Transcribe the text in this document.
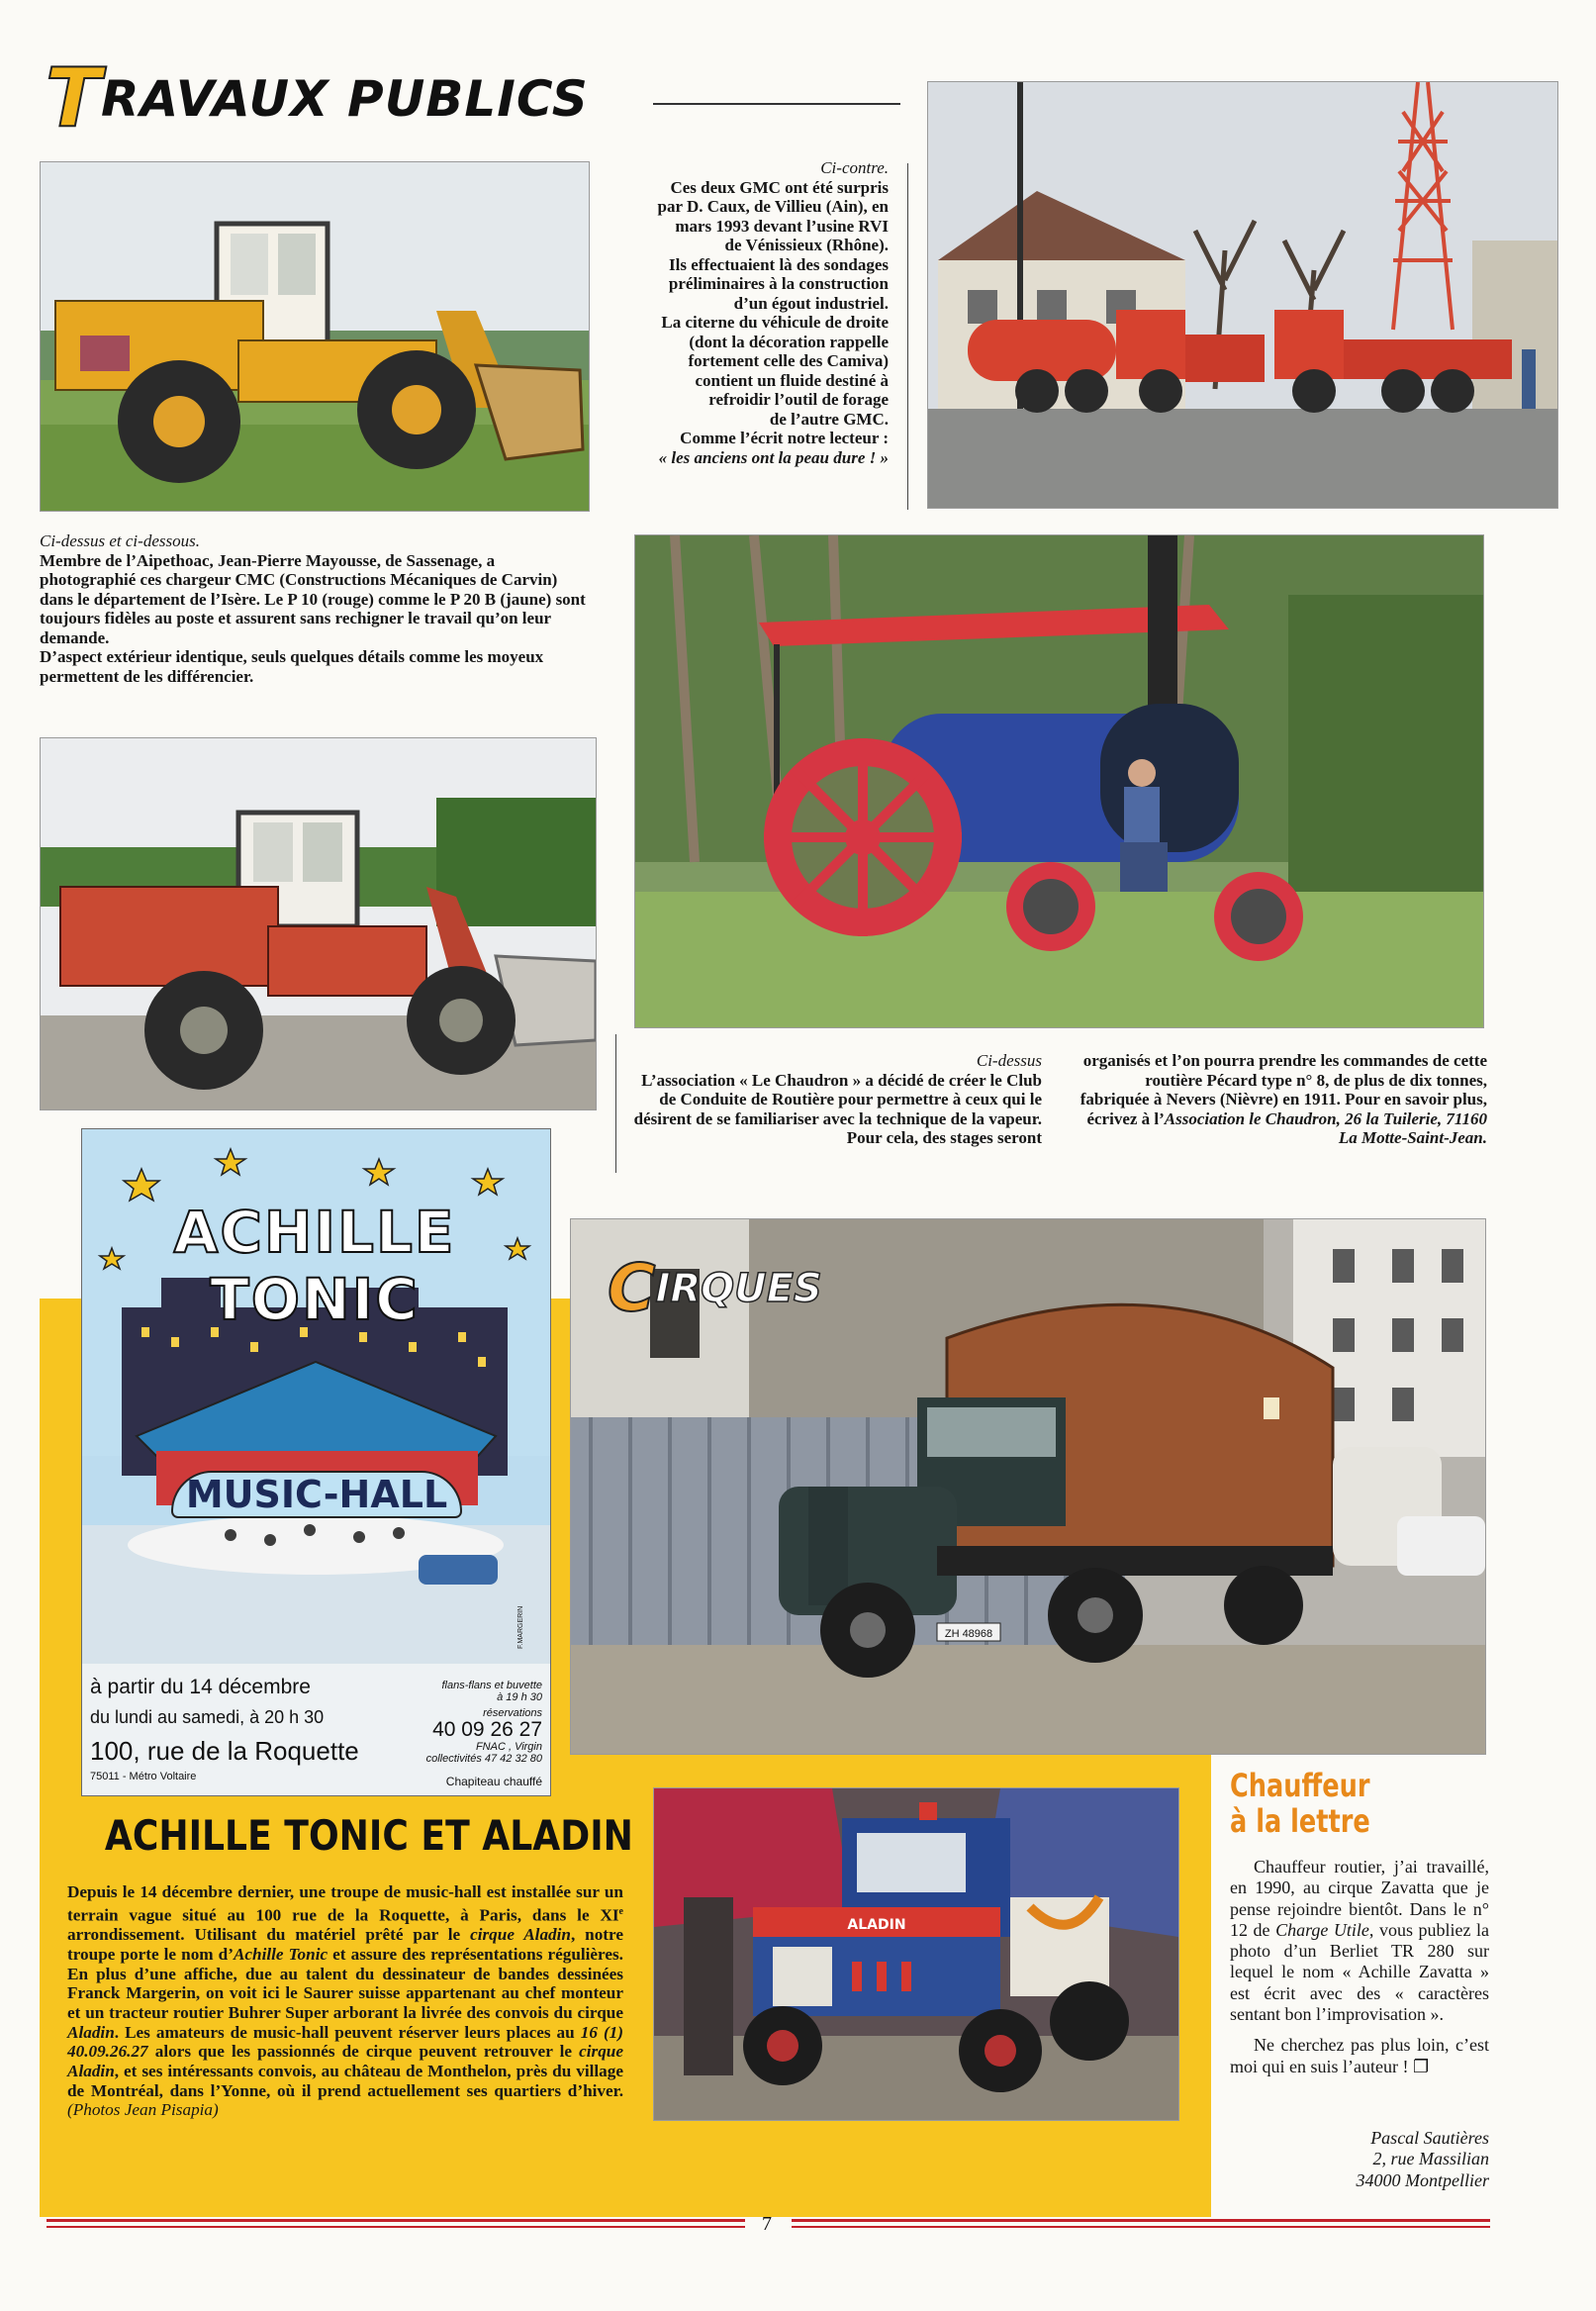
TRAVAUX PUBLICS

Ci-contre.

Ces deux GMC ont été surpris

par D. Caux, de Villieu (Ain), en

mars 1993 devant l’usine RVI

de Vénissieux (Rhône).

Ils effectuaient là des sondages

préliminaires à la construction

d’un égout industriel.

La citerne du véhicule de droite

(dont la décoration rappelle

fortement celle des Camiva)

contient un fluide destiné à

refroidir l’outil de forage

de l’autre GMC.

Comme l’écrit notre lecteur :

« les anciens ont la peau dure ! »

Ci-dessus et ci-dessous.

Membre de l’Aipethoac, Jean-Pierre Mayousse, de Sassenage, a photographié ces chargeur CMC (Constructions Mécaniques de Carvin) dans le département de l’Isère. Le P 10 (rouge) comme le P 20 B (jaune) sont toujours fidèles au poste et assurent sans rechigner le travail qu’on leur demande.

D’aspect extérieur identique, seuls quelques détails comme les moyeux permettent de les différencier.

Ci-dessus

L’association « Le Chaudron » a décidé de créer le Club de Conduite de Routière pour permettre à ceux qui le désirent de se familiariser avec la technique de la vapeur. Pour cela, des stages seront

organisés et l’on pourra prendre les commandes de cette routière Pécard type n° 8, de plus de dix tonnes, fabriquée à Nevers (Nièvre) en 1911. Pour en savoir plus, écrivez à l’Association le Chaudron, 26 la Tuilerie, 71160 La Motte-Saint-Jean.
ACHILLE TONIC
MUSIC-HALL
à partir du 14 décembre
du lundi au samedi, à 20 h 30
100, rue de la Roquette
75011 - Métro Voltaire
flans-flans et buvette
à 19 h 30
réservations
40 09 26 27
FNAC , Virgin
collectivités 47 42 32 80
Chapiteau chauffé
F.MARGERIN	ZH 48968
CIRQUES
ACHILLE TONIC ET ALADIN
Depuis le 14 décembre dernier, une troupe de music-hall est installée sur un terrain vague situé au 100 rue de la Roquette, à Paris, dans le XIe arrondissement. Utilisant du matériel prêté par le cirque Aladin, notre troupe porte le nom d’Achille Tonic et assure des représentations régulières. En plus d’une affiche, due au talent du dessinateur de bandes dessinées Franck Margerin, on voit ici le Saurer suisse appartenant au chef monteur et un tracteur routier Buhrer Super arborant la livrée des convois du cirque Aladin. Les amateurs de music-hall peuvent réserver leurs places au 16 (1) 40.09.26.27 alors que les passionnés de cirque peuvent retrouver le cirque Aladin, et ses intéressants convois, au château de Monthelon, près du village de Montréal, dans l’Yonne, où il prend actuellement ses quartiers d’hiver. (Photos Jean Pisapia)
ALADIN
Chauffeur
à la lettre

Chauffeur routier, j’ai travaillé, en 1990, au cirque Zavatta que je pense rejoindre bientôt. Dans le n° 12 de Charge Utile, vous publiez la photo d’un Berliet TR 280 sur lequel le nom « Achille Zavatta » est écrit avec des « caractères sentant bon l’improvisation ».

Ne cherchez pas plus loin, c’est moi qui en suis l’auteur ! ❐

Pascal Sautières
2, rue Massilian
34000 Montpellier
7
